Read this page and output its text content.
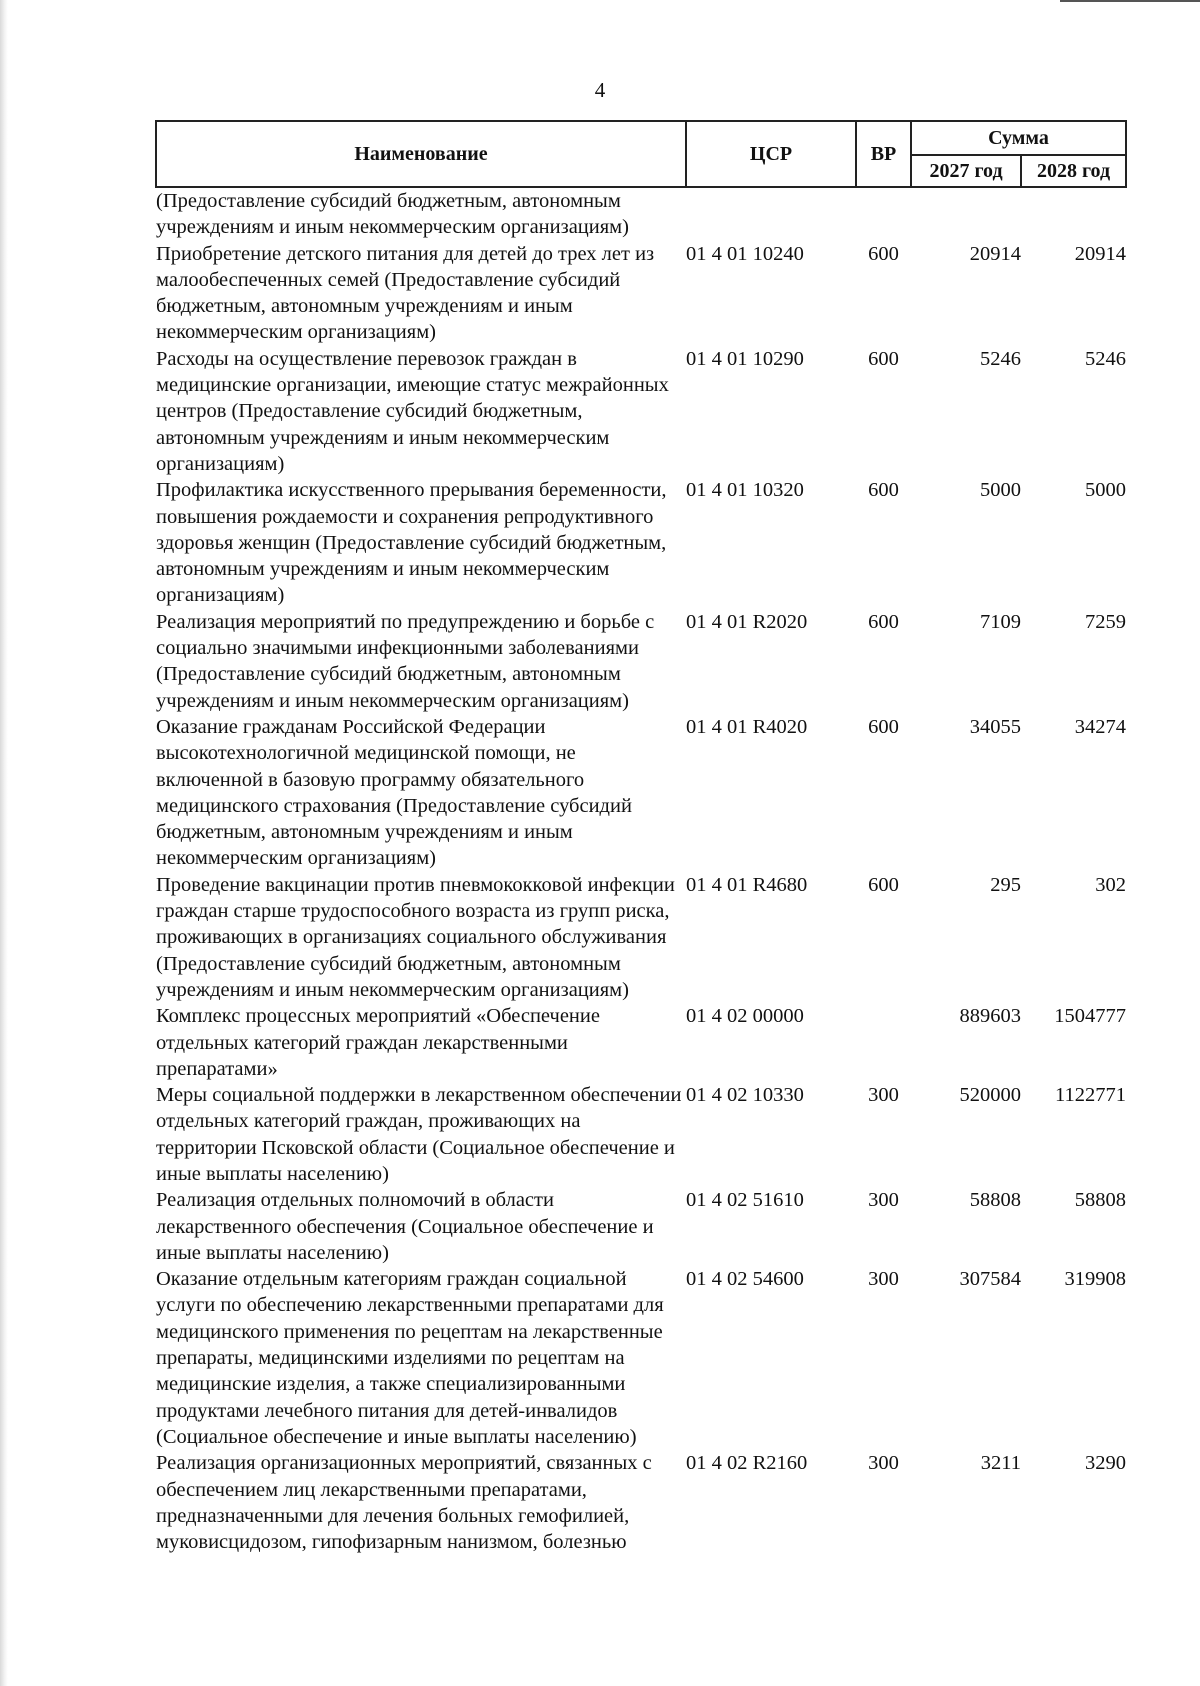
4
Наименование	ЦСР	ВР	Сумма	
			2027 год	2028 год
(Предоставление субсидий бюджетным, автономным учреждениям и иным некоммерческим организациям)				
Приобретение детского питания для детей до трех лет из малообеспеченных семей (Предоставление субсидий бюджетным, автономным учреждениям и иным некоммерческим организациям)	01 4 01 10240	600	20914	20914
Расходы на осуществление перевозок граждан в медицинские организации, имеющие статус межрайонных центров (Предоставление субсидий бюджетным, автономным учреждениям и иным некоммерческим организациям)	01 4 01 10290	600	5246	5246
Профилактика искусственного прерывания беременности, повышения рождаемости и сохранения репродуктивного здоровья женщин (Предоставление субсидий бюджетным, автономным учреждениям и иным некоммерческим организациям)	01 4 01 10320	600	5000	5000
Реализация мероприятий по предупреждению и борьбе с социально значимыми инфекционными заболеваниями (Предоставление субсидий бюджетным, автономным учреждениям и иным некоммерческим организациям)	01 4 01 R2020	600	7109	7259
Оказание гражданам Российской Федерации высокотехнологичной медицинской помощи, не включенной в базовую программу обязательного медицинского страхования (Предоставление субсидий бюджетным, автономным учреждениям и иным некоммерческим организациям)	01 4 01 R4020	600	34055	34274
Проведение вакцинации против пневмококковой инфекции граждан старше трудоспособного возраста из групп риска, проживающих в организациях социального обслуживания (Предоставление субсидий бюджетным, автономным учреждениям и иным некоммерческим организациям)	01 4 01 R4680	600	295	302
Комплекс процессных мероприятий «Обеспечение отдельных категорий граждан лекарственными препаратами»	01 4 02 00000		889603	1504777
Меры социальной поддержки в лекарственном обеспечении отдельных категорий граждан, проживающих на территории Псковской области (Социальное обеспечение и иные выплаты населению)	01 4 02 10330	300	520000	1122771
Реализация отдельных полномочий в области лекарственного обеспечения (Социальное обеспечение и иные выплаты населению)	01 4 02 51610	300	58808	58808
Оказание отдельным категориям граждан социальной услуги по обеспечению лекарственными препаратами для медицинского применения по рецептам на лекарственные препараты, медицинскими изделиями по рецептам на медицинские изделия, а также специализированными продуктами лечебного питания для детей-инвалидов (Социальное обеспечение и иные выплаты населению)	01 4 02 54600	300	307584	319908
Реализация организационных мероприятий, связанных с обеспечением лиц лекарственными препаратами, предназначенными для лечения больных гемофилией, муковисцидозом, гипофизарным нанизмом, болезнью	01 4 02 R2160	300	3211	3290
